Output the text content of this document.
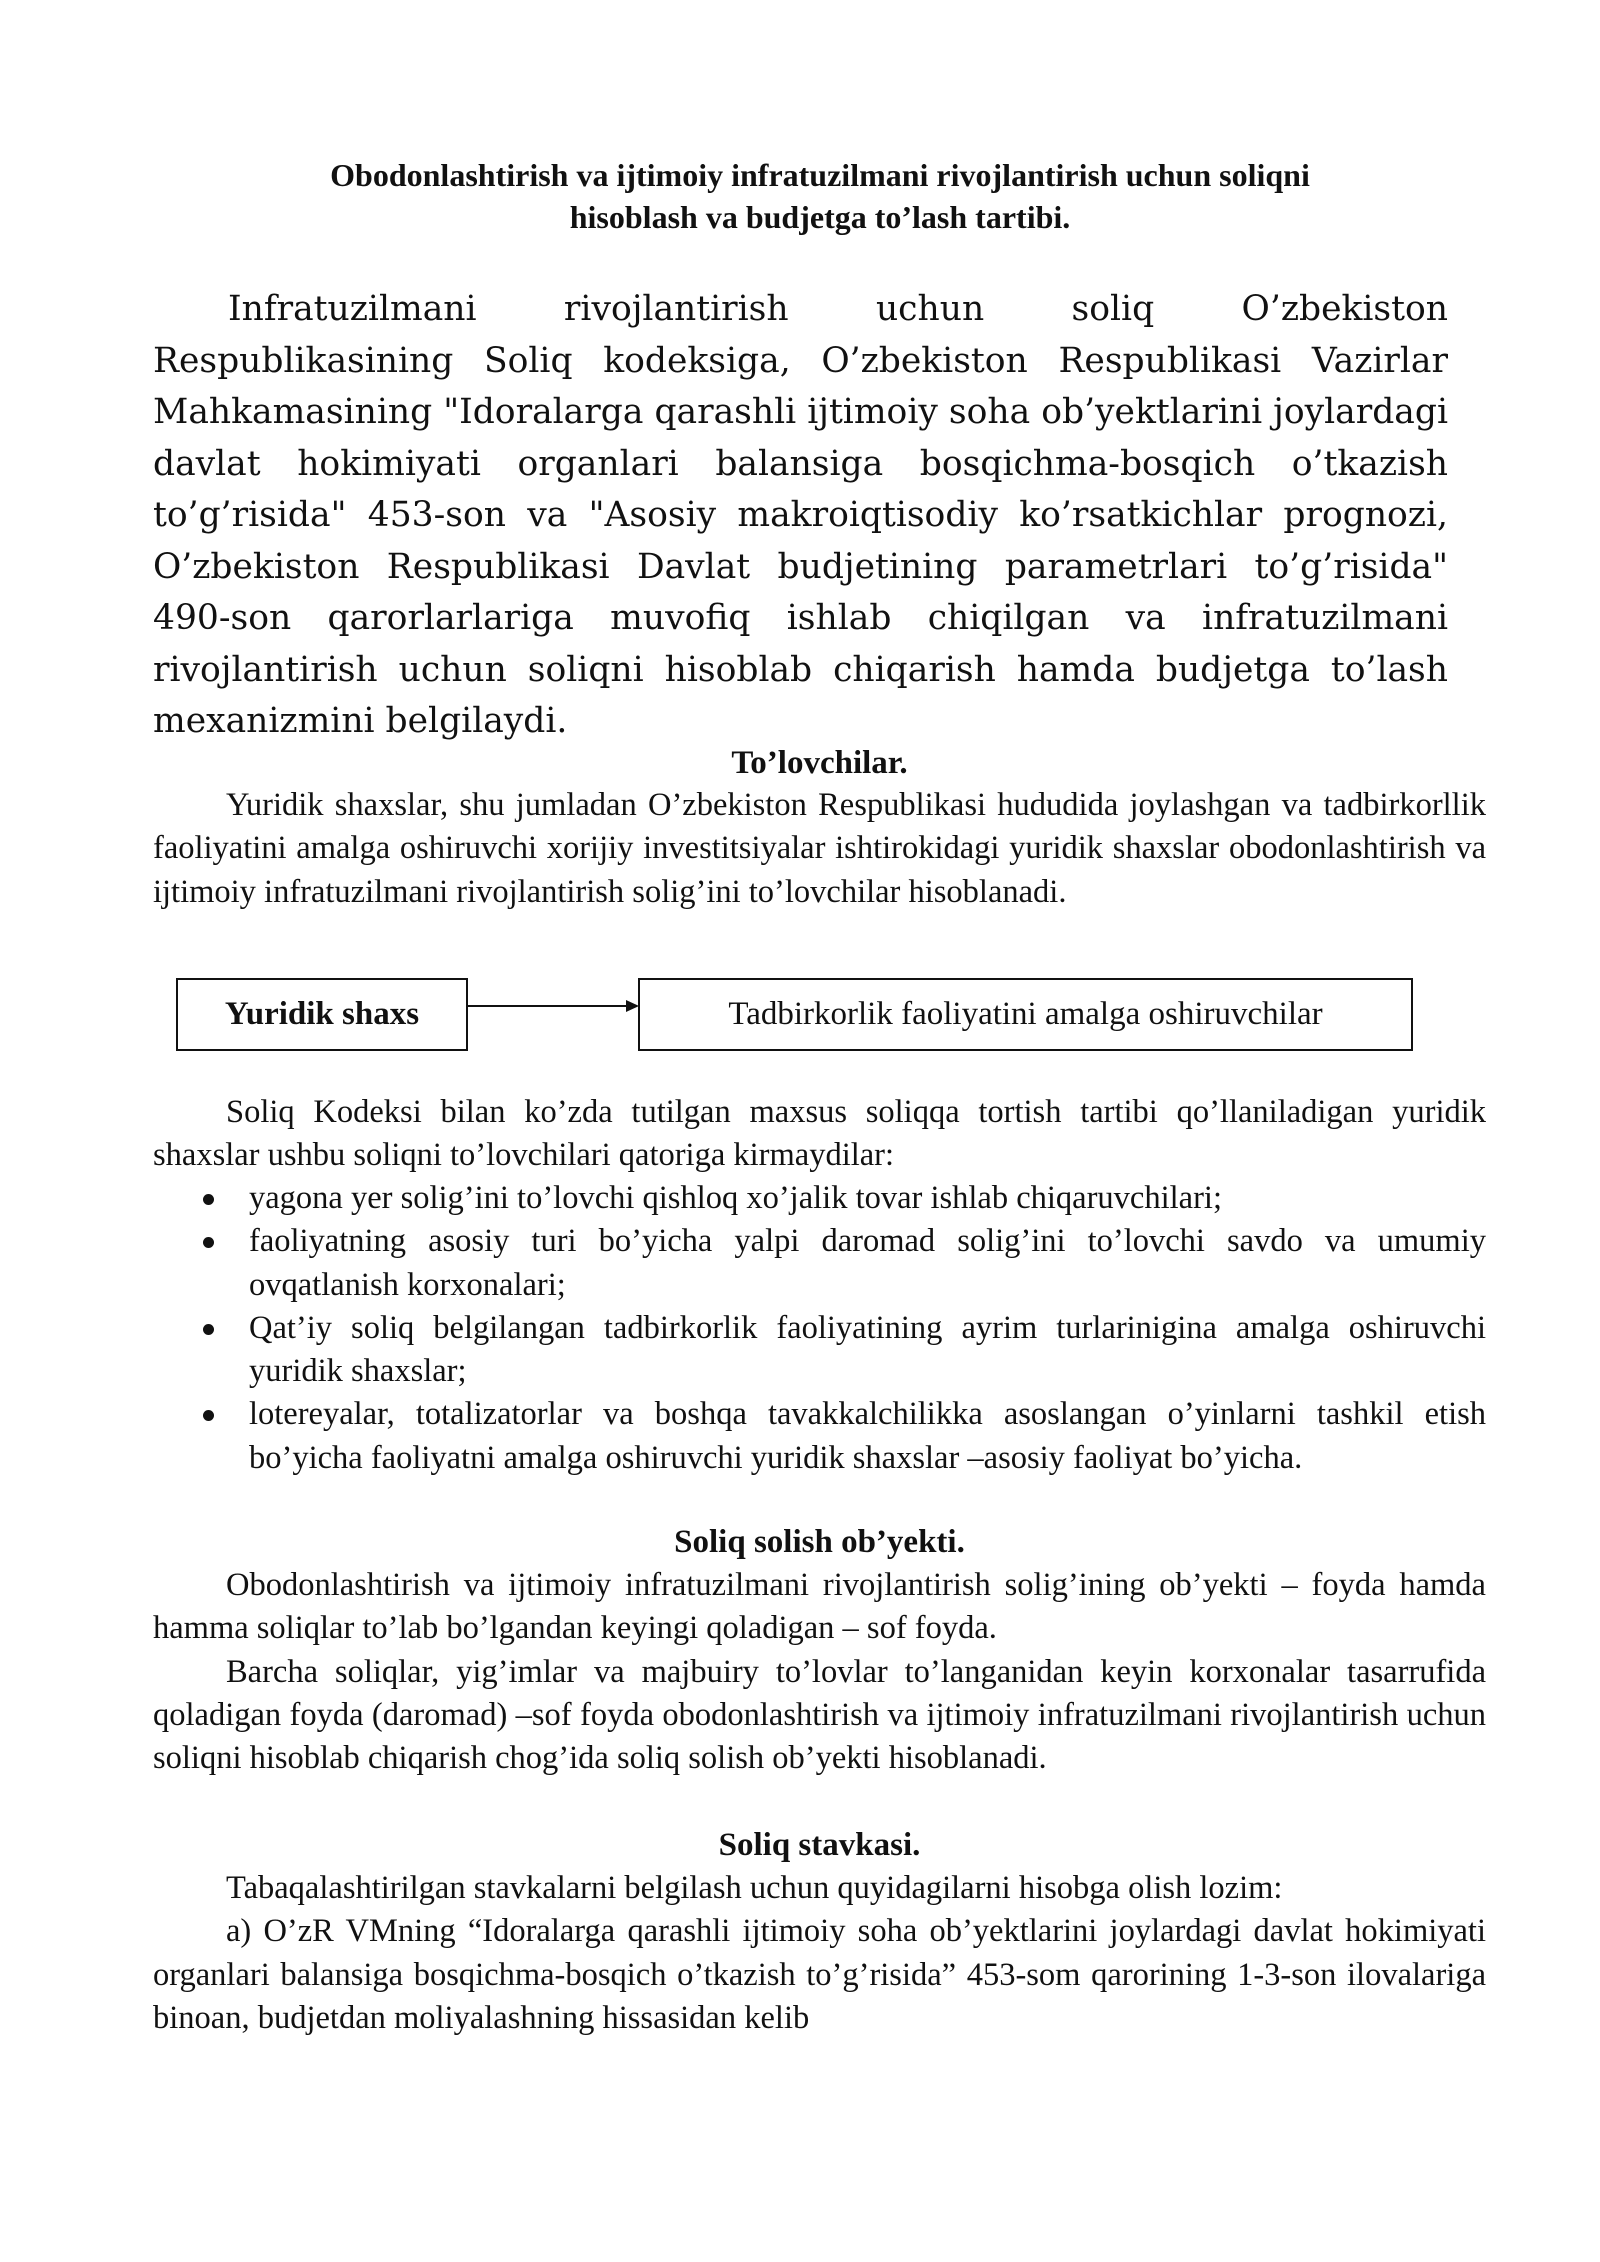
Obodonlashtirish va ijtimoiy infratuzilmani rivojlantirish uchun soliqni
hisoblash va budjetga to’lash tartibi.

Infratuzilmani rivojlantirish uchun soliq O’zbekiston Respublikasining Soliq kodeksiga, O’zbekiston Respublikasi Vazirlar Mahkamasining "Idoralarga qarashli ijtimoiy soha ob’yektlarini joylardagi davlat hokimiyati organlari balansiga bosqichma-bosqich o’tkazish to’g’risida" 453-son va "Asosiy makroiqtisodiy ko’rsatkichlar prognozi, O’zbekiston Respublikasi Davlat budjetining parametrlari to’g’risida" 490-son qarorlarlariga muvofiq ishlab chiqilgan va infratuzilmani rivojlantirish uchun soliqni hisoblab chiqarish hamda budjetga to’lash mexanizmini belgilaydi.

To’lovchilar.

Yuridik shaxslar, shu jumladan O’zbekiston Respublikasi hududida joylashgan va tadbirkorllik faoliyatini amalga oshiruvchi xorijiy investitsiyalar ishtirokidagi yuridik shaxslar obodonlashtirish va ijtimoiy infratuzilmani rivojlantirish solig’ini to’lovchilar hisoblanadi.

Yuridik shaxs	Tadbirkorlik faoliyatini amalga oshiruvchilar

Soliq Kodeksi bilan ko’zda tutilgan maxsus soliqqa tortish tartibi qo’llaniladigan yuridik shaxslar ushbu soliqni to’lovchilari qatoriga kirmaydilar:

yagona yer solig’ini to’lovchi qishloq xo’jalik tovar ishlab chiqaruvchilari;
faoliyatning asosiy turi bo’yicha yalpi daromad solig’ini to’lovchi savdo va umumiy ovqatlanish korxonalari;
Qat’iy soliq belgilangan tadbirkorlik faoliyatining ayrim turlarinigina amalga oshiruvchi yuridik shaxslar;
lotereyalar, totalizatorlar va boshqa tavakkalchilikka asoslangan o’yinlarni tashkil etish bo’yicha faoliyatni amalga oshiruvchi yuridik shaxslar –asosiy faoliyat bo’yicha.
Soliq solish ob’yekti.

Obodonlashtirish va ijtimoiy infratuzilmani rivojlantirish solig’ining ob’yekti – foyda hamda hamma soliqlar to’lab bo’lgandan keyingi qoladigan – sof foyda.

Barcha soliqlar, yig’imlar va majbuiry to’lovlar to’langanidan keyin korxonalar tasarrufida qoladigan foyda (daromad) –sof foyda obodonlashtirish va ijtimoiy infratuzilmani rivojlantirish uchun soliqni hisoblab chiqarish chog’ida soliq solish ob’yekti hisoblanadi.

Soliq stavkasi.

Tabaqalashtirilgan stavkalarni belgilash uchun quyidagilarni hisobga olish lozim:

a) O’zR VMning “Idoralarga qarashli ijtimoiy soha ob’yektlarini joylardagi davlat hokimiyati organlari balansiga bosqichma-bosqich o’tkazish to’g’risida” 453-som qarorining 1-3-son ilovalariga binoan, budjetdan moliyalashning hissasidan kelib
